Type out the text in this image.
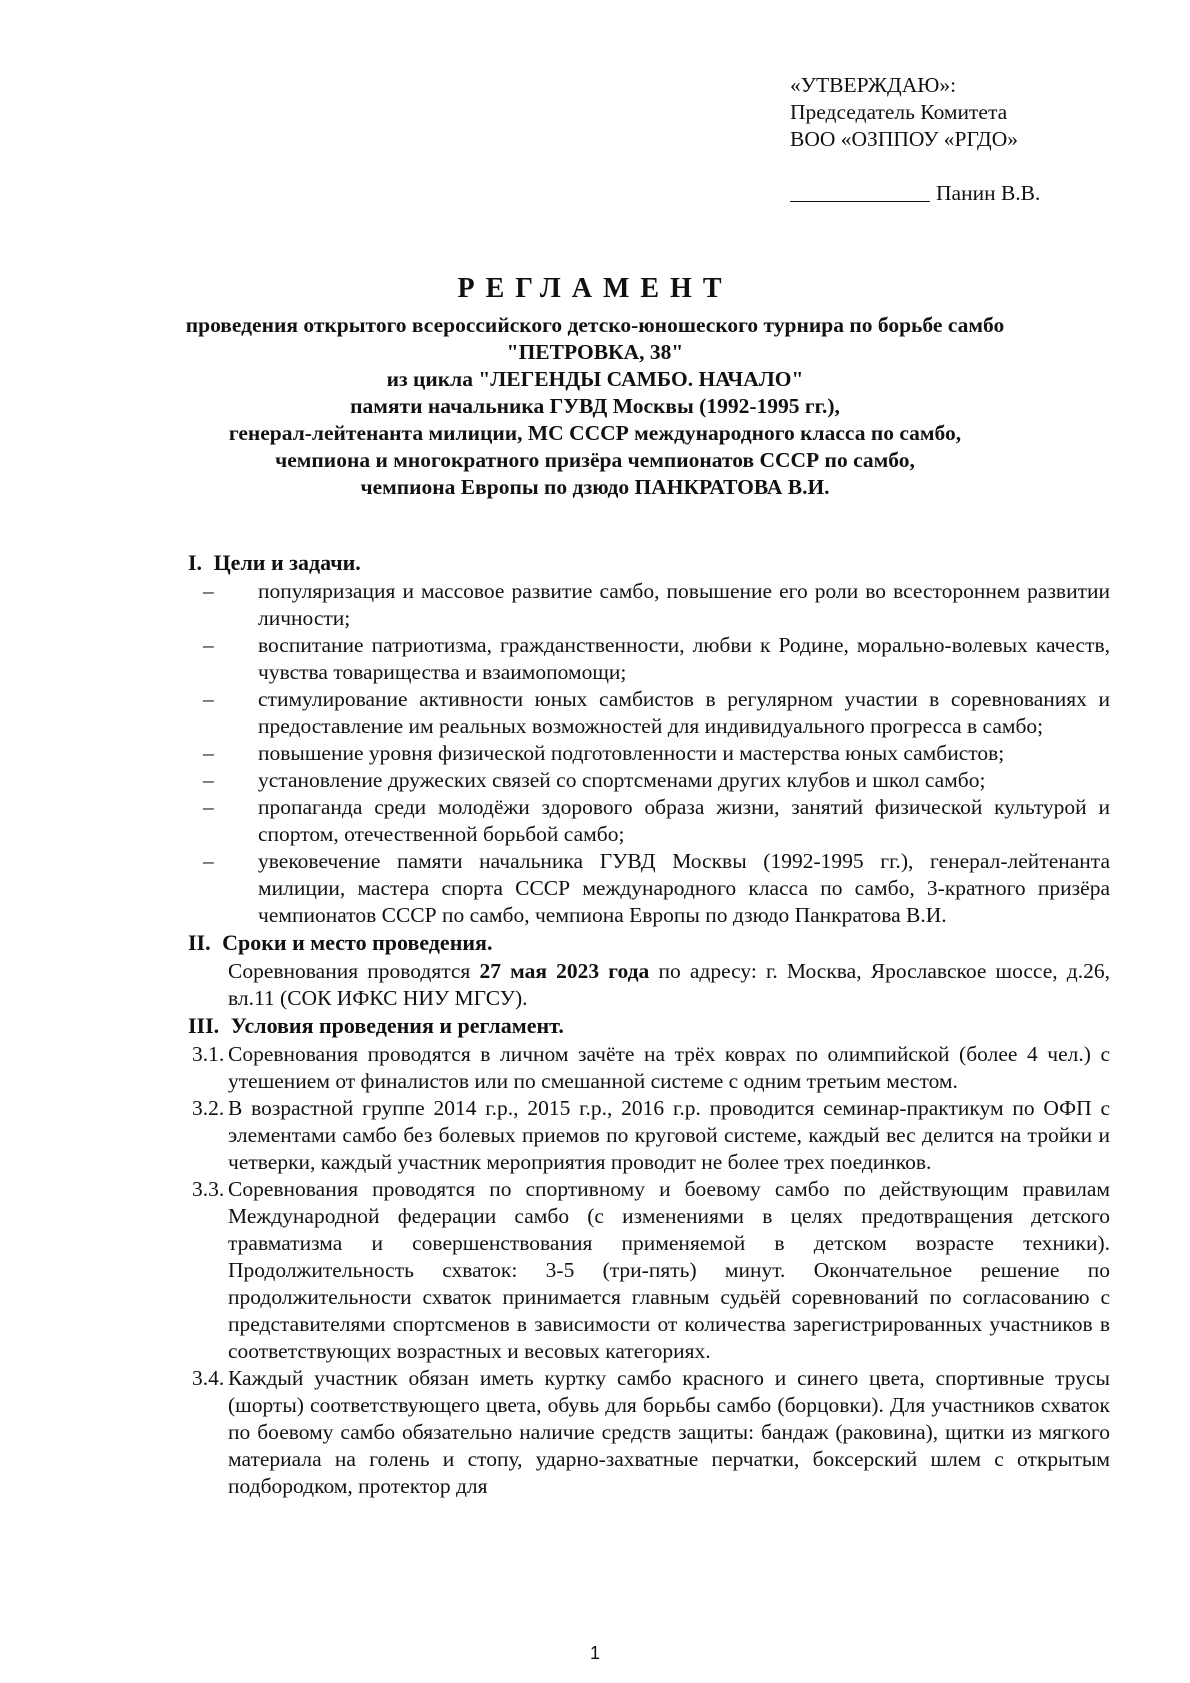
«УТВЕРЖДАЮ»:
Председатель Комитета
ВОО «ОЗППОУ «РГДО»
Панин В.В.
РЕГЛАМЕНТ
проведения открытого всероссийского детско-юношеского турнира по борьбе самбо
"ПЕТРОВКА, 38"
из цикла "ЛЕГЕНДЫ САМБО. НАЧАЛО"
памяти начальника ГУВД Москвы (1992-1995 гг.),
генерал-лейтенанта милиции, МС СССР международного класса по самбо,
чемпиона и многократного призёра чемпионатов СССР по самбо,
чемпиона Европы по дзюдо ПАНКРАТОВА В.И.
I. Цели и задачи.
– популяризация и массовое развитие самбо, повышение его роли во всестороннем развитии личности;
– воспитание патриотизма, гражданственности, любви к Родине, морально-волевых качеств, чувства товарищества и взаимопомощи;
– стимулирование активности юных самбистов в регулярном участии в соревнованиях и предоставление им реальных возможностей для индивидуального прогресса в самбо;
– повышение уровня физической подготовленности и мастерства юных самбистов;
– установление дружеских связей со спортсменами других клубов и школ самбо;
– пропаганда среди молодёжи здорового образа жизни, занятий физической культурой и спортом, отечественной борьбой самбо;
– увековечение памяти начальника ГУВД Москвы (1992-1995 гг.), генерал-лейтенанта милиции, мастера спорта СССР международного класса по самбо, 3-кратного призёра чемпионатов СССР по самбо, чемпиона Европы по дзюдо Панкратова В.И.
II. Сроки и место проведения.
Соревнования проводятся 27 мая 2023 года по адресу: г. Москва, Ярославское шоссе, д.26, вл.11 (СОК ИФКС НИУ МГСУ).
III. Условия проведения и регламент.
3.1. Соревнования проводятся в личном зачёте на трёх коврах по олимпийской (более 4 чел.) с утешением от финалистов или по смешанной системе с одним третьим местом.
3.2. В возрастной группе 2014 г.р., 2015 г.р., 2016 г.р. проводится семинар-практикум по ОФП с элементами самбо без болевых приемов по круговой системе, каждый вес делится на тройки и четверки, каждый участник мероприятия проводит не более трех поединков.
3.3. Соревнования проводятся по спортивному и боевому самбо по действующим правилам Международной федерации самбо (с изменениями в целях предотвращения детского травматизма и совершенствования применяемой в детском возрасте техники). Продолжительность схваток: 3-5 (три-пять) минут. Окончательное решение по продолжительности схваток принимается главным судьёй соревнований по согласованию с представителями спортсменов в зависимости от количества зарегистрированных участников в соответствующих возрастных и весовых категориях.
3.4. Каждый участник обязан иметь куртку самбо красного и синего цвета, спортивные трусы (шорты) соответствующего цвета, обувь для борьбы самбо (борцовки). Для участников схваток по боевому самбо обязательно наличие средств защиты: бандаж (раковина), щитки из мягкого материала на голень и стопу, ударно-захватные перчатки, боксерский шлем с открытым подбородком, протектор для
1
